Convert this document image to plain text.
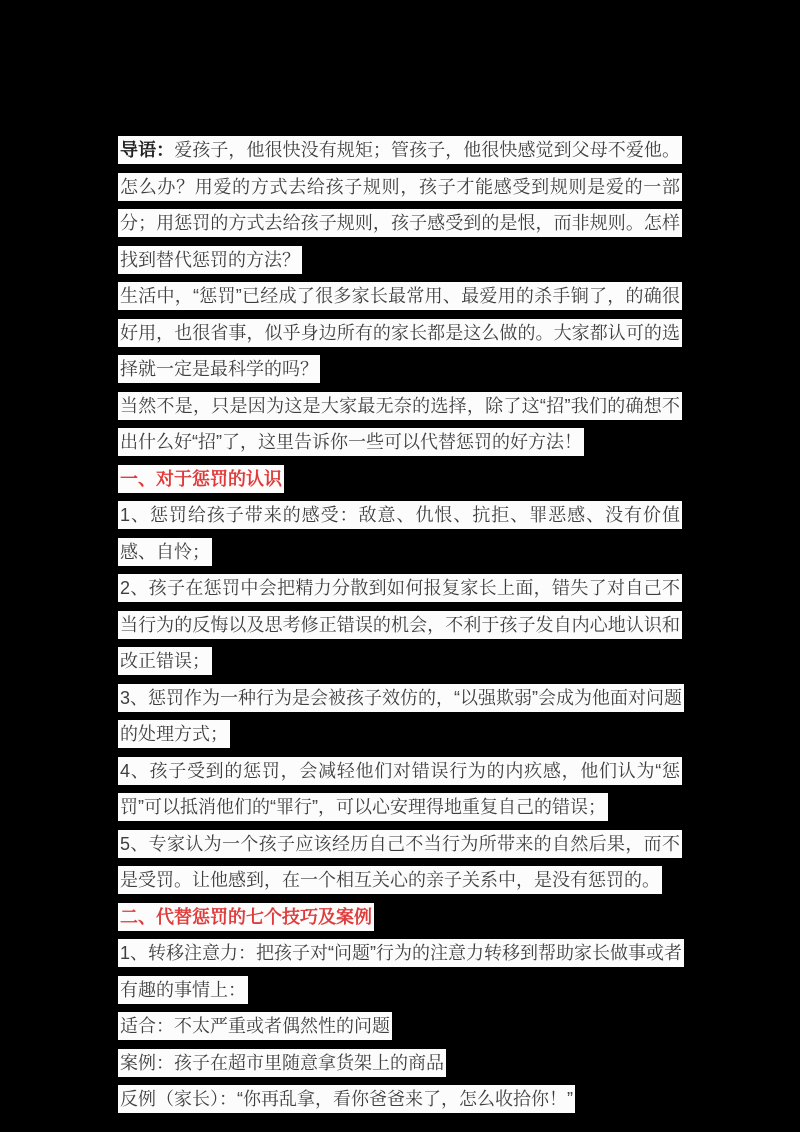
导语：爱孩子，他很快没有规矩；管孩子，他很快感觉到父母不爱他。怎么办？用爱的方式去给孩子规则，孩子才能感受到规则是爱的一部分；用惩罚的方式去给孩子规则，孩子感受到的是恨，而非规则。怎样找到替代惩罚的方法？

生活中，“惩罚”已经成了很多家长最常用、最爱用的杀手锏了，的确很好用，也很省事，似乎身边所有的家长都是这么做的。大家都认可的选择就一定是最科学的吗？

当然不是，只是因为这是大家最无奈的选择，除了这“招”我们的确想不出什么好“招”了，这里告诉你一些可以代替惩罚的好方法！

一、对于惩罚的认识

1、惩罚给孩子带来的感受：敌意、仇恨、抗拒、罪恶感、没有价值感、自怜；

2、孩子在惩罚中会把精力分散到如何报复家长上面，错失了对自己不当行为的反悔以及思考修正错误的机会，不利于孩子发自内心地认识和改正错误；

3、惩罚作为一种行为是会被孩子效仿的，“以强欺弱”会成为他面对问题的处理方式；

4、孩子受到的惩罚，会减轻他们对错误行为的内疚感，他们认为“惩罚”可以抵消他们的“罪行”，可以心安理得地重复自己的错误；

5、专家认为一个孩子应该经历自己不当行为所带来的自然后果，而不是受罚。让他感到，在一个相互关心的亲子关系中，是没有惩罚的。

二、代替惩罚的七个技巧及案例

1、转移注意力：把孩子对“问题”行为的注意力转移到帮助家长做事或者有趣的事情上：

适合：不太严重或者偶然性的问题

案例：孩子在超市里随意拿货架上的商品

反例（家长）：“你再乱拿，看你爸爸来了，怎么收拾你！”
